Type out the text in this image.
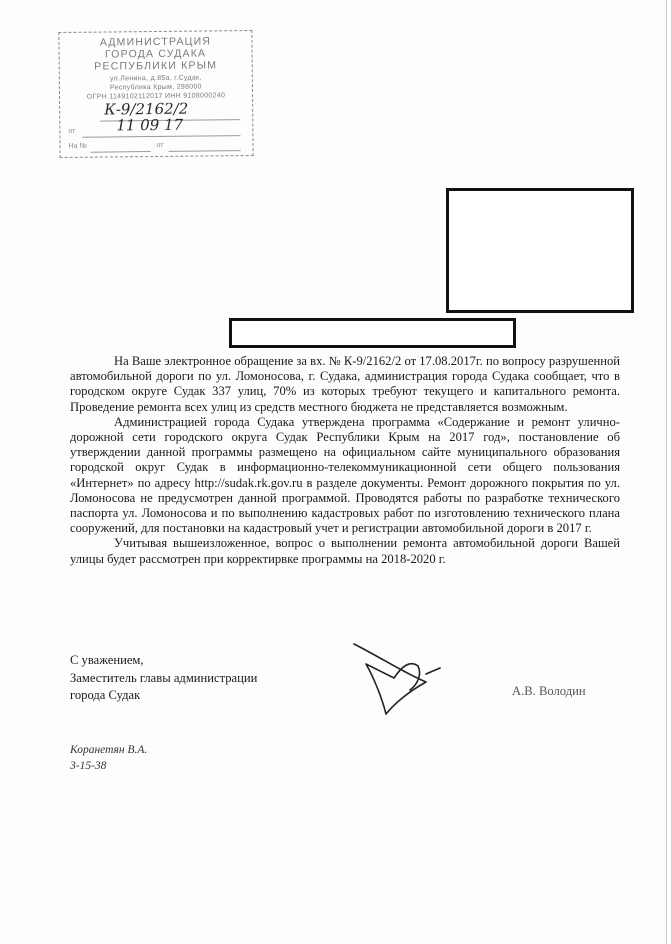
АДМИНИСТРАЦИЯ
ГОРОДА СУДАКА
РЕСПУБЛИКИ КРЫМ
ул.Ленина, д.85а, г.Судак,
Республика Крым, 298000
ОГРН 1149102112017 ИНН 9108000240
К-9/2162/2
от	11 09 17
На №	от

На Ваше электронное обращение за вх. № К-9/2162/2 от 17.08.2017г. по вопросу разрушенной автомобильной дороги по ул. Ломоносова, г. Судака, администрация города Судака сообщает, что в городском округе Судак 337 улиц, 70% из которых требуют текущего и капитального ремонта. Проведение ремонта всех улиц из средств местного бюджета не представляется возможным.

Администрацией города Судака утверждена программа «Содержание и ремонт улично-дорожной сети городского округа Судак Республики Крым на 2017 год», постановление об утверждении данной программы размещено на официальном сайте муниципального образования городской округ Судак в информационно-телекоммуникационной сети общего пользования «Интернет» по адресу http://sudak.rk.gov.ru в разделе документы. Ремонт дорожного покрытия по ул. Ломоносова не предусмотрен данной программой. Проводятся работы по разработке технического паспорта ул. Ломоносова и по выполнению кадастровых работ по изготовлению технического плана сооружений, для постановки на кадастровый учет и регистрации автомобильной дороги в 2017 г.

Учитывая вышеизложенное, вопрос о выполнении ремонта автомобильной дороги Вашей улицы будет рассмотрен при корректирвке программы на 2018-2020 г.

С уважением,
Заместитель главы администрации
города Судак	А.В. Володин
Коранетян В.А.
3-15-38
